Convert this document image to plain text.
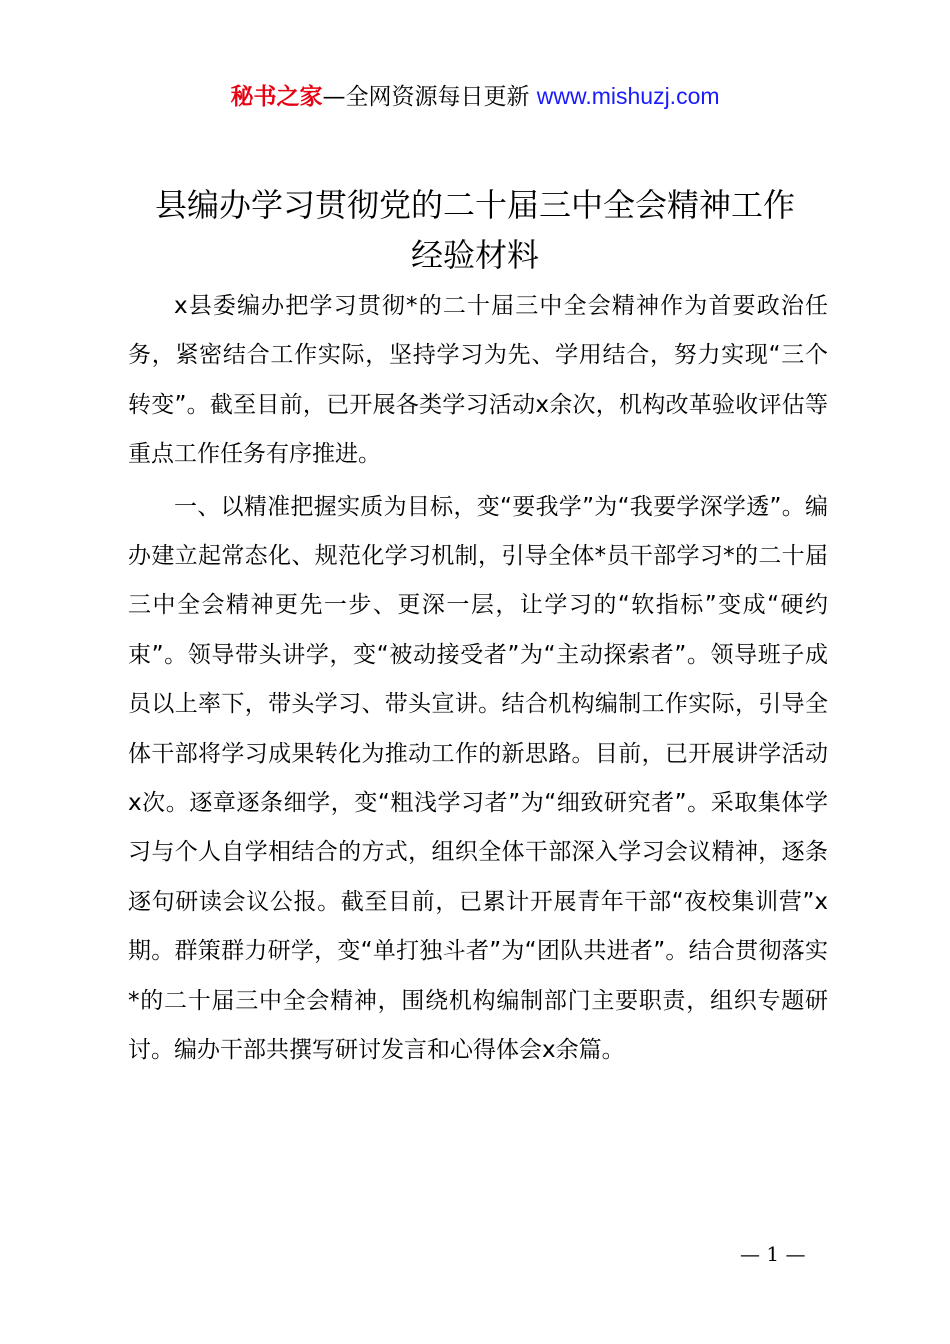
秘书之家—全网资源每日更新 www.mishuzj.com
县编办学习贯彻党的二十届三中全会精神工作
经验材料

x县委编办把学习贯彻*的二十届三中全会精神作为首要政治任务，紧密结合工作实际，坚持学习为先、学用结合，努力实现“三个转变”。截至目前，已开展各类学习活动x余次，机构改革验收评估等重点工作任务有序推进。

一、以精准把握实质为目标，变“要我学”为“我要学深学透”。编办建立起常态化、规范化学习机制，引导全体*员干部学习*的二十届三中全会精神更先一步、更深一层，让学习的“软指标”变成“硬约束”。领导带头讲学，变“被动接受者”为“主动探索者”。领导班子成员以上率下，带头学习、带头宣讲。结合机构编制工作实际，引导全体干部将学习成果转化为推动工作的新思路。目前，已开展讲学活动x次。逐章逐条细学，变“粗浅学习者”为“细致研究者”。采取集体学习与个人自学相结合的方式，组织全体干部深入学习会议精神，逐条逐句研读会议公报。截至目前，已累计开展青年干部“夜校集训营”x期。群策群力研学，变“单打独斗者”为“团队共进者”。结合贯彻落实*的二十届三中全会精神，围绕机构编制部门主要职责，组织专题研讨。编办干部共撰写研讨发言和心得体会x余篇。

— 1 —
